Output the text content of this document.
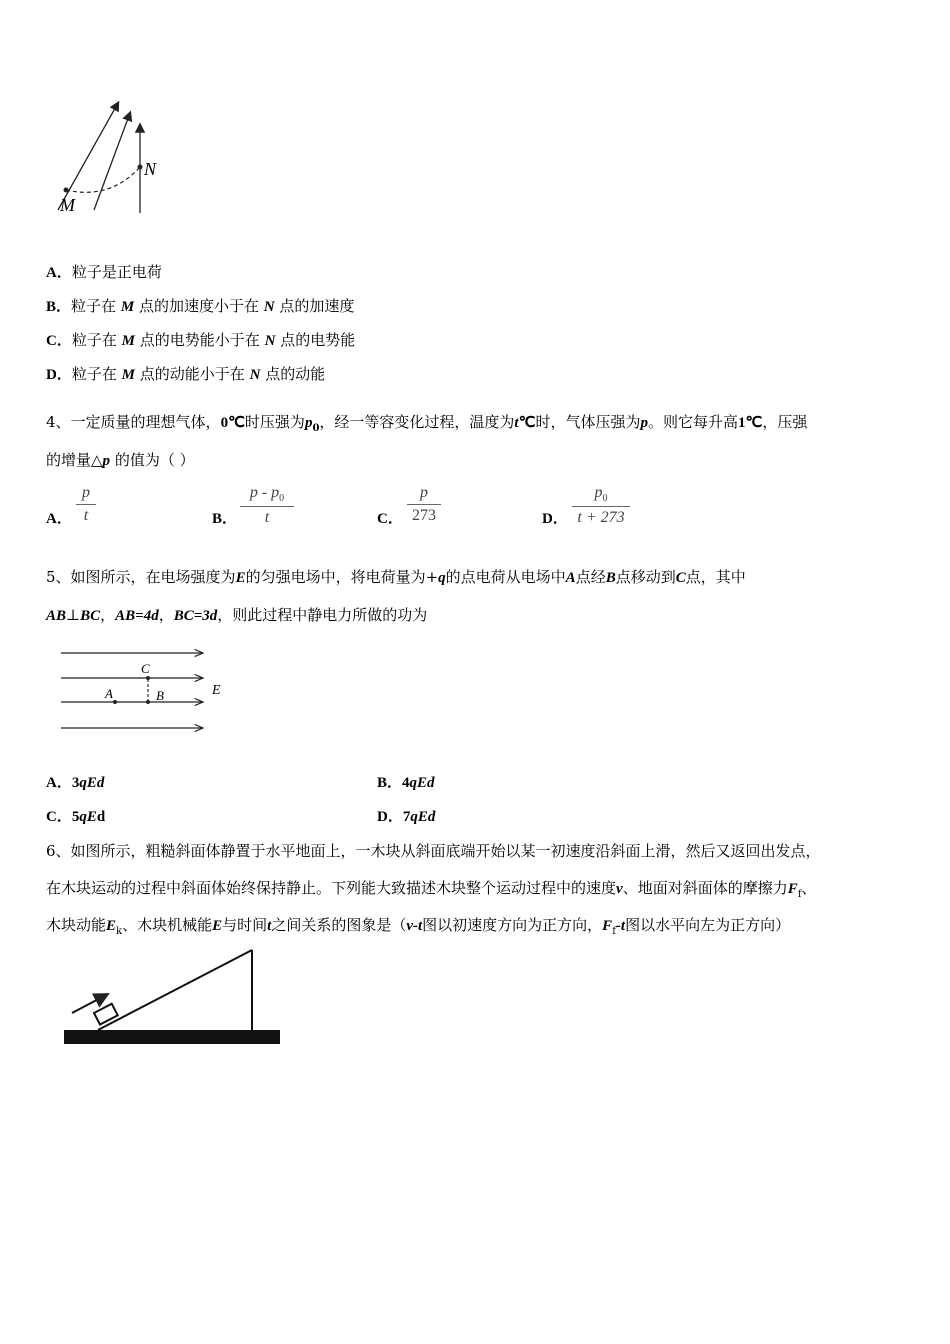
M
N
A．粒子是正电荷
B．粒子在 M 点的加速度小于在 N 点的加速度
C．粒子在 M 点的电势能小于在 N 点的电势能
D．粒子在 M 点的动能小于在 N 点的动能
4、一定质量的理想气体，0℃时压强为$p_0$，经一等容变化过程，温度为t℃时，气体压强为p。则它每升高1℃，压强
的增量△p 的值为（ ）
A．
p
t	B．
p - $p_0$
t	C．
p
273	D．
$p_0$
t + 273
5、如图所示，在电场强度为E的匀强电场中，将电荷量为+q的点电荷从电场中A点经B点移动到C点，其中
AB⊥BC，AB=4d，BC=3d，则此过程中静电力所做的功为
C
A	B	E
A．3qEd	B．4qEd
C．5qEd	D．7qEd
6、如图所示，粗糙斜面体静置于水平地面上，一木块从斜面底端开始以某一初速度沿斜面上滑，然后又返回出发点，
在木块运动的过程中斜面体始终保持静止。下列能大致描述木块整个运动过程中的速度v、地面对斜面体的摩擦力$F_f$、
木块动能$E_k$、木块机械能E与时间t之间关系的图象是（v-t图以初速度方向为正方向，$F_f-t$图以水平向左为正方向）
